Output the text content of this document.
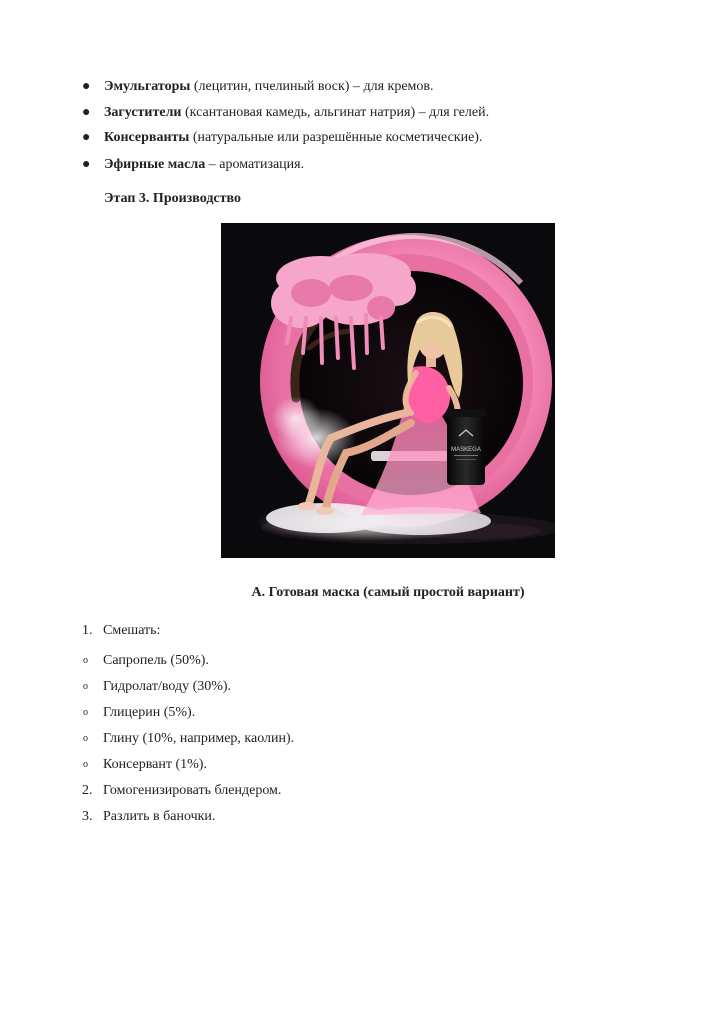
● Эмульгаторы (лецитин, пчелиный воск) – для кремов.
● Загустители (ксантановая камедь, альгинат натрия) – для гелей.
● Консерванты (натуральные или разрешённые косметические).
● Эфирные масла – ароматизация.
Этап 3. Производство
MASKEGA
А. Готовая маска (самый простой вариант)
1. Смешать:
o	Сапропель (50%).
o	Гидролат/воду (30%).
o	Глицерин (5%).
o	Глину (10%, например, каолин).
o	Консервант (1%).
2. Гомогенизировать блендером.
3. Разлить в баночки.
